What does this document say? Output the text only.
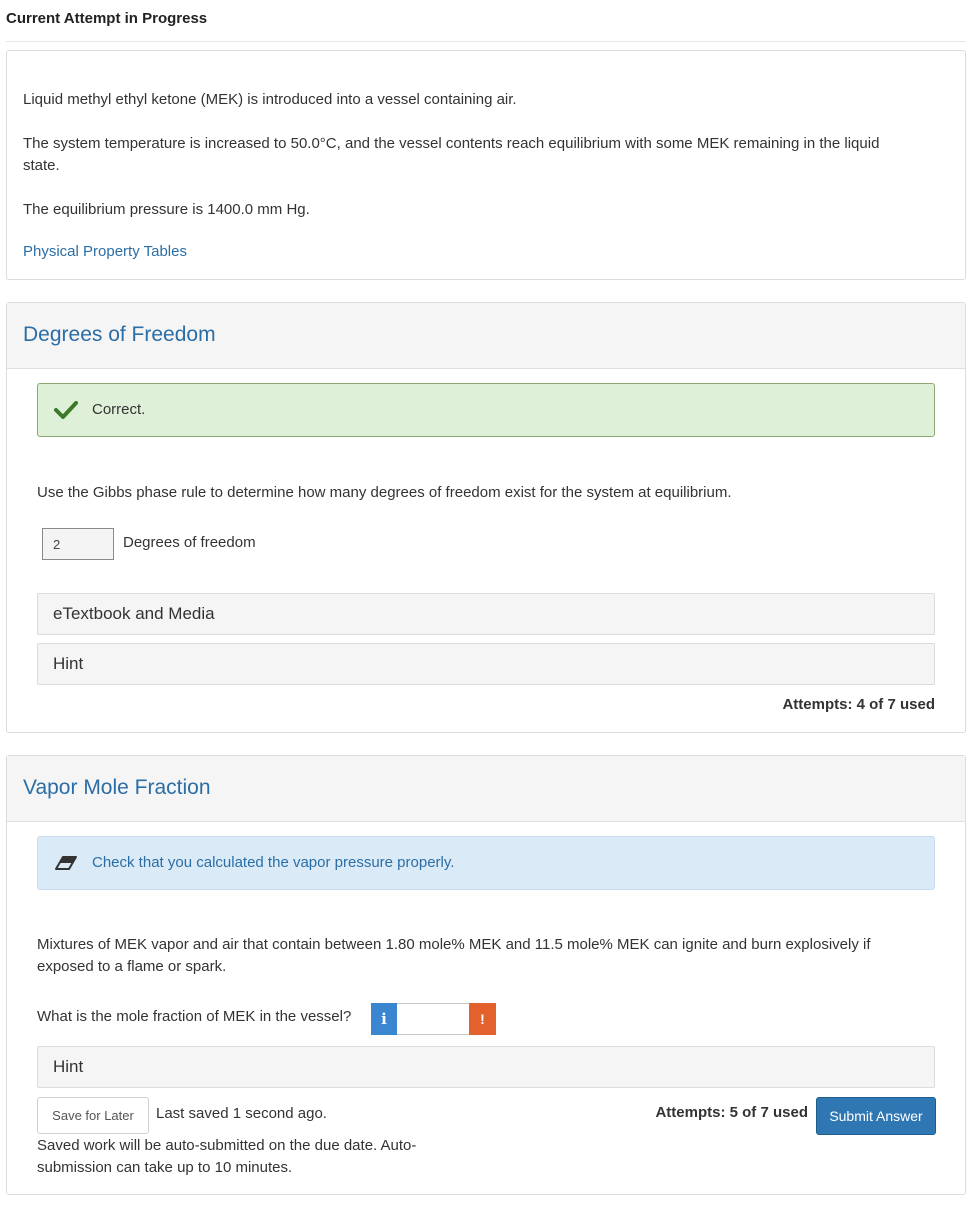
Current Attempt in Progress

Liquid methyl ethyl ketone (MEK) is introduced into a vessel containing air.

The system temperature is increased to 50.0°C, and the vessel contents reach equilibrium with some MEK remaining in the liquid state.

The equilibrium pressure is 1400.0 mm Hg.

Physical Property Tables
Degrees of Freedom
Correct.
Use the Gibbs phase rule to determine how many degrees of freedom exist for the system at equilibrium.
2	Degrees of freedom
eTextbook and Media
Hint
Attempts: 4 of 7 used
Vapor Mole Fraction
Check that you calculated the vapor pressure properly.
Mixtures of MEK vapor and air that contain between 1.80 mole% MEK and 11.5 mole% MEK can ignite and burn explosively if exposed to a flame or spark.
What is the mole fraction of MEK in the vessel?	i	!
Hint
Save for Later	Last saved 1 second ago.
Saved work will be auto-submitted on the due date. Auto-submission can take up to 10 minutes.
Attempts: 5 of 7 used	Submit Answer
